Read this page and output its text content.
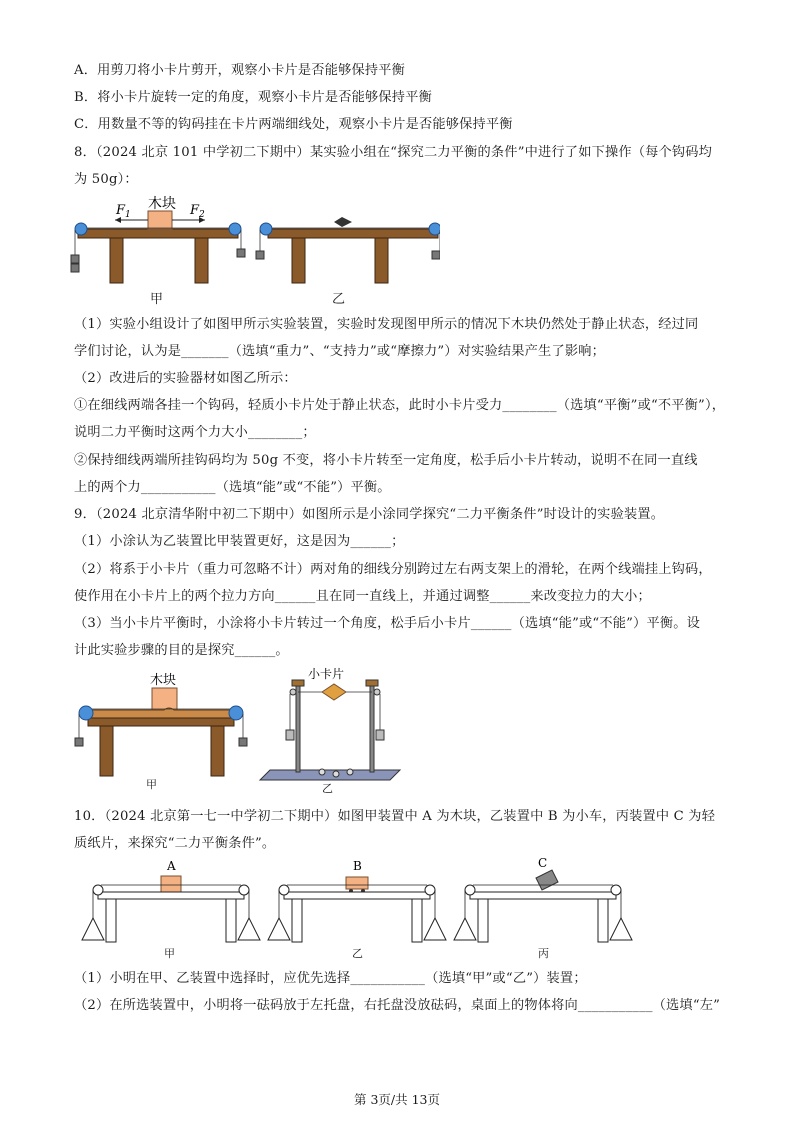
A．用剪刀将小卡片剪开，观察小卡片是否能够保持平衡
B．将小卡片旋转一定的角度，观察小卡片是否能够保持平衡
C．用数量不等的钩码挂在卡片两端细线处，观察小卡片是否能够保持平衡
8．（2024 北京 101 中学初二下期中）某实验小组在“探究二力平衡的条件”中进行了如下操作（每个钩码均
为 50g）：
木块
$F_1$	$F_2$
甲	乙
（1）实验小组设计了如图甲所示实验装置，实验时发现图甲所示的情况下木块仍然处于静止状态，经过同
学们讨论，认为是_______（选填“重力”、“支持力”或“摩擦力”）对实验结果产生了影响；
（2）改进后的实验器材如图乙所示：
①在细线两端各挂一个钩码，轻质小卡片处于静止状态，此时小卡片受力________（选填“平衡”或“不平衡”），
说明二力平衡时这两个力大小________；
②保持细线两端所挂钩码均为 50g 不变，将小卡片转至一定角度，松手后小卡片转动，说明不在同一直线
上的两个力___________（选填“能”或“不能”）平衡。
9．（2024 北京清华附中初二下期中）如图所示是小涂同学探究“二力平衡条件”时设计的实验装置。
（1）小涂认为乙装置比甲装置更好，这是因为______；
（2）将系于小卡片（重力可忽略不计）两对角的细线分别跨过左右两支架上的滑轮，在两个线端挂上钩码，
使作用在小卡片上的两个拉力方向______且在同一直线上，并通过调整______来改变拉力的大小；
（3）当小卡片平衡时，小涂将小卡片转过一个角度，松手后小卡片______（选填“能”或“不能”）平衡。设
计此实验步骤的目的是探究______。
木块	小卡片
甲	乙
10．（2024 北京第一七一中学初二下期中）如图甲装置中 A 为木块，乙装置中 B 为小车，丙装置中 C 为轻
质纸片，来探究“二力平衡条件”。
A	B	C
甲	乙	丙
（1）小明在甲、乙装置中选择时，应优先选择___________（选填“甲”或“乙”）装置；
（2）在所选装置中，小明将一砝码放于左托盘，右托盘没放砝码，桌面上的物体将向___________（选填“左”
第 3页/共 13页
